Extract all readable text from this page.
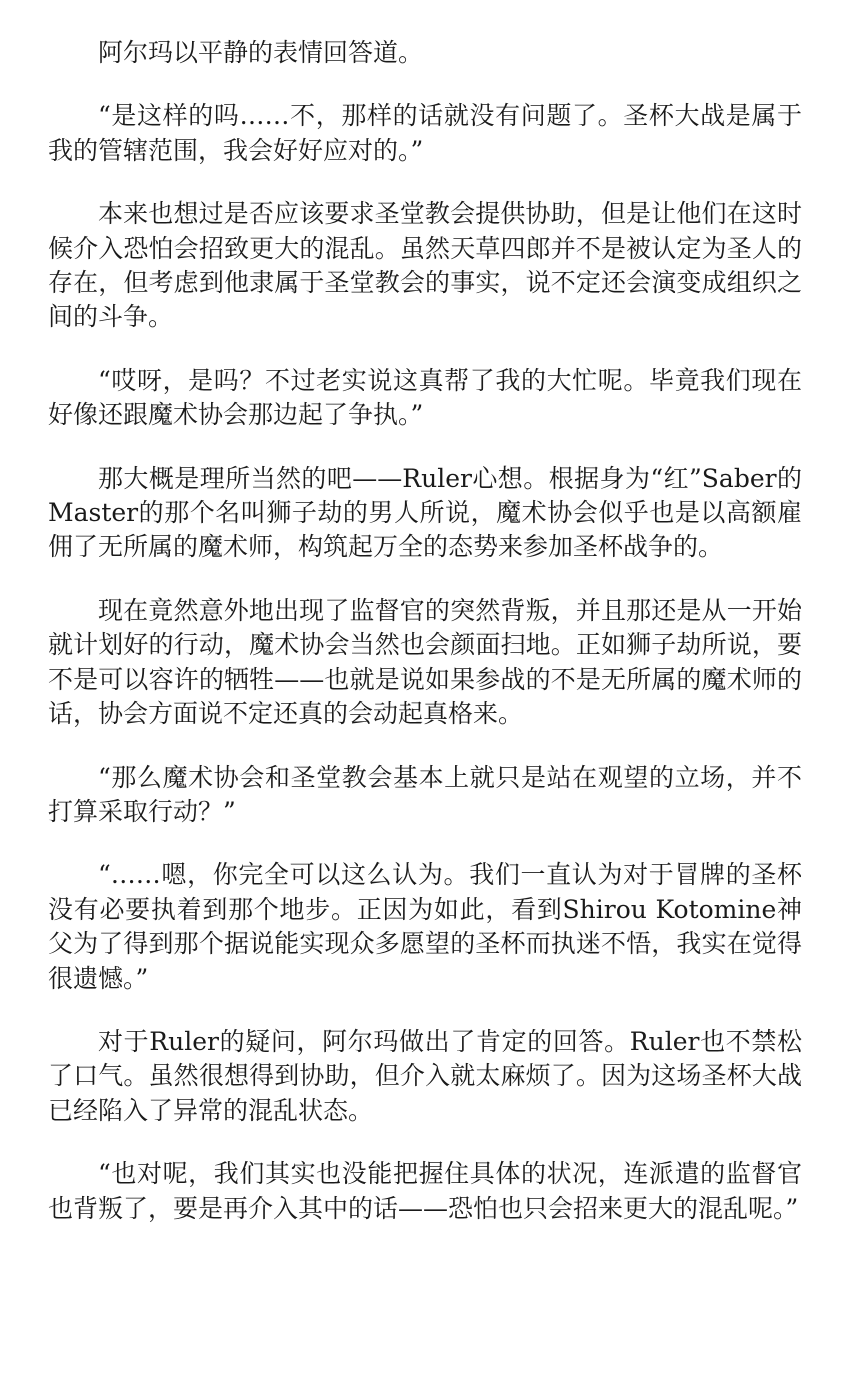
阿尔玛以平静的表情回答道。

“是这样的吗……不，那样的话就没有问题了。圣杯大战是属于我的管辖范围，我会好好应对的。”

本来也想过是否应该要求圣堂教会提供协助，但是让他们在这时候介入恐怕会招致更大的混乱。虽然天草四郎并不是被认定为圣人的存在，但考虑到他隶属于圣堂教会的事实，说不定还会演变成组织之间的斗争。

“哎呀，是吗？不过老实说这真帮了我的大忙呢。毕竟我们现在好像还跟魔术协会那边起了争执。”

那大概是理所当然的吧——Ruler心想。根据身为“红”Saber的Master的那个名叫狮子劫的男人所说，魔术协会似乎也是以高额雇佣了无所属的魔术师，构筑起万全的态势来参加圣杯战争的。

现在竟然意外地出现了监督官的突然背叛，并且那还是从一开始就计划好的行动，魔术协会当然也会颜面扫地。正如狮子劫所说，要不是可以容许的牺牲——也就是说如果参战的不是无所属的魔术师的话，协会方面说不定还真的会动起真格来。

“那么魔术协会和圣堂教会基本上就只是站在观望的立场，并不打算采取行动？”

“……嗯，你完全可以这么认为。我们一直认为对于冒牌的圣杯没有必要执着到那个地步。正因为如此，看到Shirou Kotomine神父为了得到那个据说能实现众多愿望的圣杯而执迷不悟，我实在觉得很遗憾。”

对于Ruler的疑问，阿尔玛做出了肯定的回答。Ruler也不禁松了口气。虽然很想得到协助，但介入就太麻烦了。因为这场圣杯大战已经陷入了异常的混乱状态。

“也对呢，我们其实也没能把握住具体的状况，连派遣的监督官也背叛了，要是再介入其中的话——恐怕也只会招来更大的混乱呢。”
